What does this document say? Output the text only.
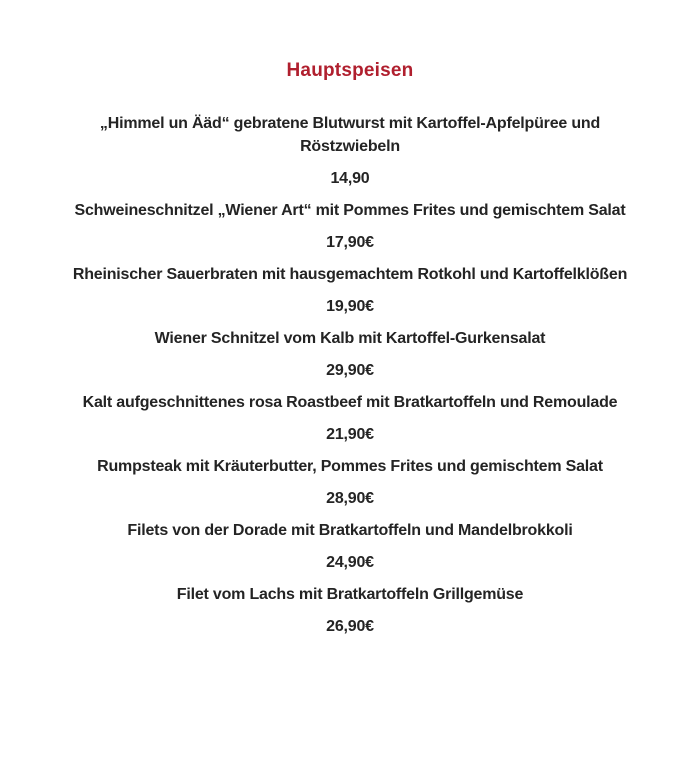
Hauptspeisen

„Himmel un Ääd“ gebratene Blutwurst mit Kartoffel-Apfelpüree und Röstzwiebeln

14,90

Schweineschnitzel „Wiener Art“ mit Pommes Frites und gemischtem Salat

17,90€

Rheinischer Sauerbraten mit hausgemachtem Rotkohl und Kartoffelklößen

19,90€

Wiener Schnitzel vom Kalb mit Kartoffel-Gurkensalat

29,90€

Kalt aufgeschnittenes rosa Roastbeef mit Bratkartoffeln und Remoulade

21,90€

Rumpsteak mit Kräuterbutter, Pommes Frites und gemischtem Salat

28,90€

Filets von der Dorade mit Bratkartoffeln und Mandelbrokkoli

24,90€

Filet vom Lachs mit Bratkartoffeln Grillgemüse

26,90€
